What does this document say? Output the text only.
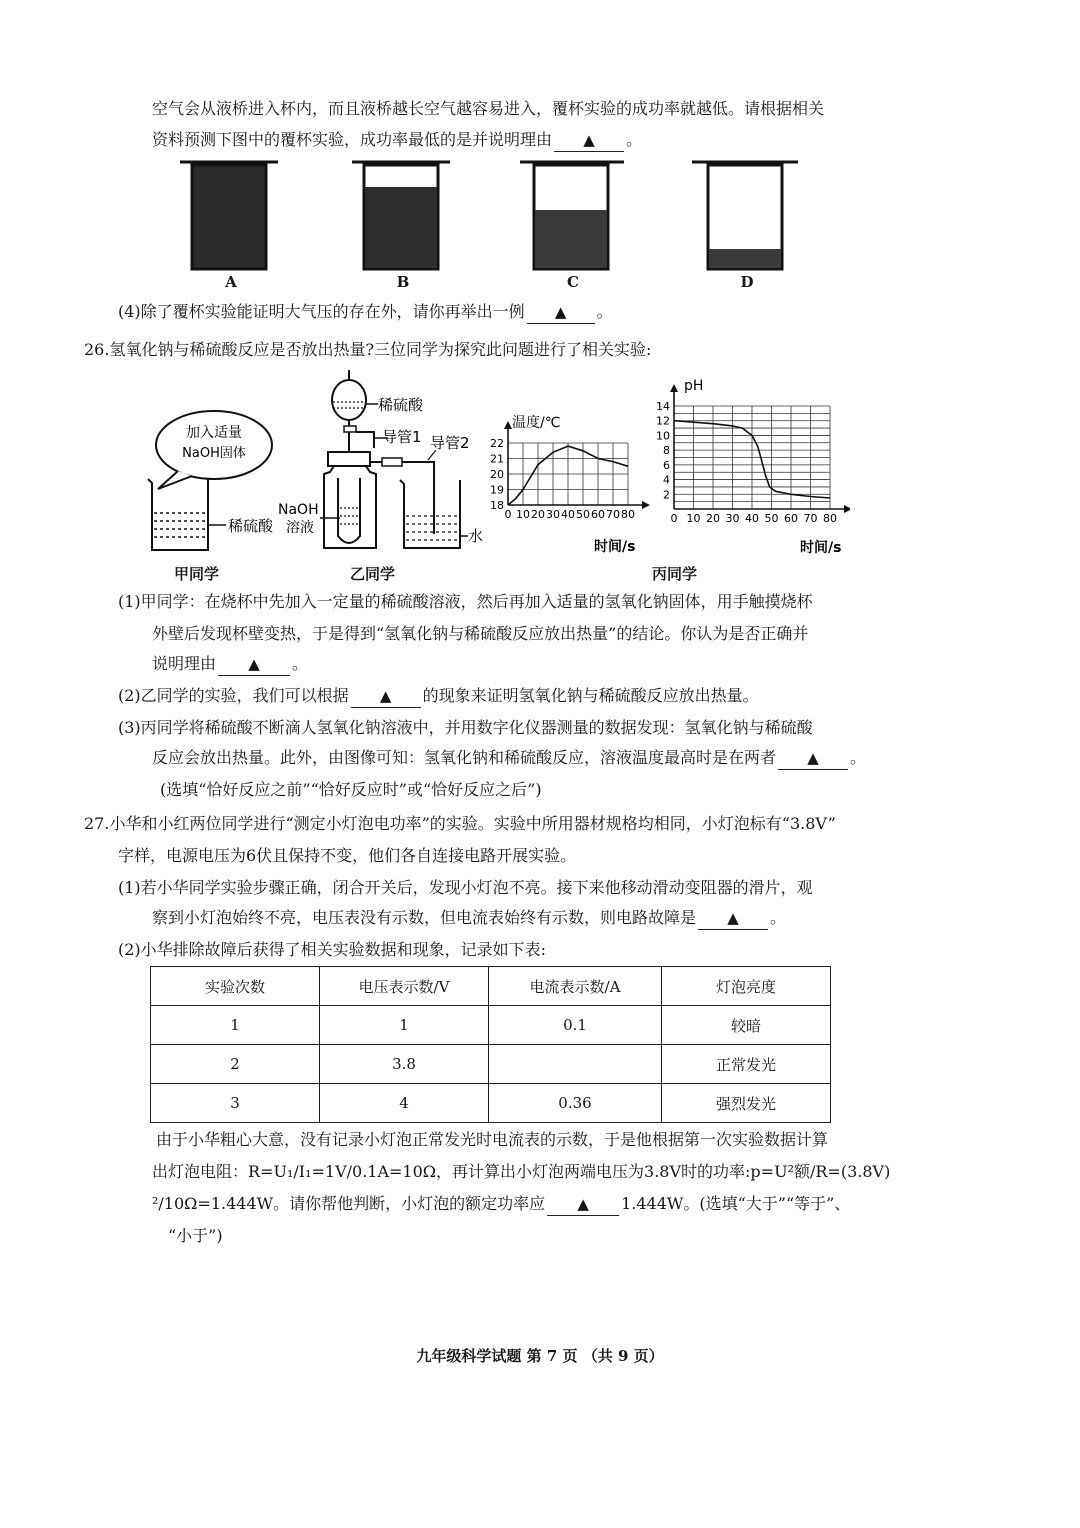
空气会从液桥进入杯内，而且液桥越长空气越容易进入，覆杯实验的成功率就越低。请根据相关
资料预测下图中的覆杯实验，成功率最低的是并说明理由 ▲ 。
A	B	C	D
(4)除了覆杯实验能证明大气压的存在外，请你再举出一例 ▲ 。
26.氢氧化钠与稀硫酸反应是否放出热量?三位同学为探究此问题进行了相关实验:
加入适量
NaOH固体
稀硫酸
甲同学
稀硫酸
导管1
NaOH
溶液
导管2
水
乙同学
0 10 20 30 40 50 60 70 80
18
19
20
21
22
温度/℃
时间/s
0 10 20 30 40 50 60 70 80
2
4
6
8
10
12
14
pH
时间/s
丙同学
(1)甲同学：在烧杯中先加入一定量的稀硫酸溶液，然后再加入适量的氢氧化钠固体，用手触摸烧杯
外壁后发现杯壁变热，于是得到“氢氧化钠与稀硫酸反应放出热量”的结论。你认为是否正确并
说明理由 ▲ 。
(2)乙同学的实验，我们可以根据 ▲ 的现象来证明氢氧化钠与稀硫酸反应放出热量。
(3)丙同学将稀硫酸不断滴人氢氧化钠溶液中，并用数字化仪器测量的数据发现：氢氧化钠与稀硫酸
反应会放出热量。此外，由图像可知：氢氧化钠和稀硫酸反应，溶液温度最高时是在两者 ▲ 。
(选填“恰好反应之前”“恰好反应时”或“恰好反应之后”)
27.小华和小红两位同学进行“测定小灯泡电功率”的实验。实验中所用器材规格均相同，小灯泡标有“3.8V”
字样，电源电压为6伏且保持不变，他们各自连接电路开展实验。
(1)若小华同学实验步骤正确，闭合开关后，发现小灯泡不亮。接下来他移动滑动变阻器的滑片，观
察到小灯泡始终不亮，电压表没有示数，但电流表始终有示数，则电路故障是 ▲ 。
(2)小华排除故障后获得了相关实验数据和现象，记录如下表:
实验次数	电压表示数/V	电流表示数/A	灯泡亮度
1	1	0.1	较暗
2	3.8		正常发光
3	4	0.36	强烈发光
由于小华粗心大意，没有记录小灯泡正常发光时电流表的示数，于是他根据第一次实验数据计算
出灯泡电阻：R=U₁/I₁=1V/0.1A=10Ω，再计算出小灯泡两端电压为3.8V时的功率:p=U²额/R=(3.8V)
²/10Ω=1.444W。请你帮他判断，小灯泡的额定功率应 ▲ 1.444W。(选填“大于”“等于”、
“小于”)
九年级科学试题 第 7 页 （共 9 页）
